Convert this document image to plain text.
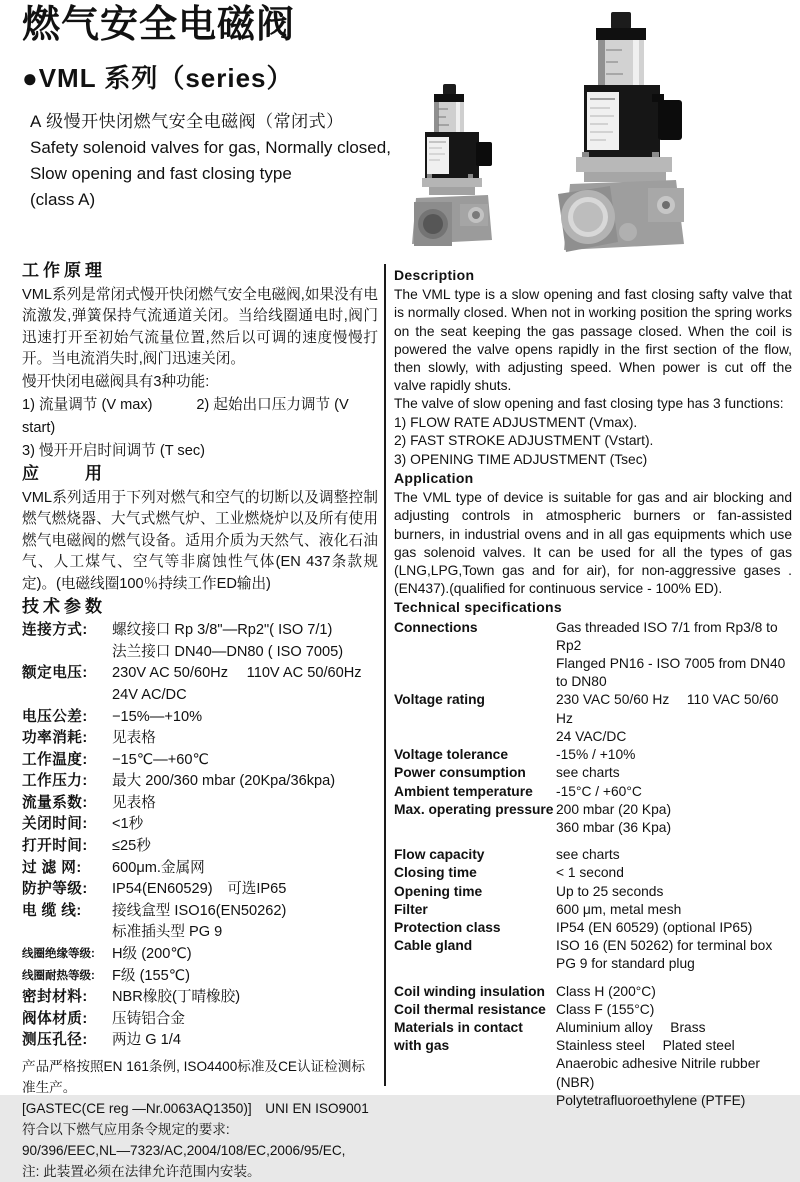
燃气安全电磁阀
●VML 系列（series）
A 级慢开快闭燃气安全电磁阀（常闭式）
Safety solenoid valves for gas, Normally closed,
Slow opening and fast closing type
(class A)
工作原理

VML系列是常闭式慢开快闭燃气安全电磁阀,如果没有电流激发,弹簧保持气流通道关闭。当给线圈通电时,阀门迅速打开至初始气流量位置,然后以可调的速度慢慢打开。当电流消失时,阀门迅速关闭。

慢开快闭电磁阀具有3种功能:
1) 流量调节 (V max)　　　2) 起始出口压力调节 (V start)
3) 慢开开启时间调节 (T sec)
应　　用

VML系列适用于下列对燃气和空气的切断以及调整控制 燃气燃烧器、大气式燃气炉、工业燃烧炉以及所有使用燃气电磁阀的燃气设备。适用介质为天然气、液化石油气、人工煤气、空气等非腐蚀性气体(EN 437条款规定)。(电磁线圈100％持续工作ED输出)

技术参数
连接方式:	螺纹接口 Rp 3/8"—Rp2"( ISO 7/1)
法兰接口 DN40—DN80 ( ISO 7005)
额定电压:	230V AC 50/60Hz　 110V AC 50/60Hz
24V AC/DC
电压公差:	−15%—+10%
功率消耗:	见表格
工作温度:	−15℃—+60℃
工作压力:	最大 200/360 mbar (20Kpa/36kpa)
流量系数:	见表格
关闭时间:	<1秒
打开时间:	≤25秒
过 滤 网:	600μm.金属网
防护等级:	IP54(EN60529)　可选IP65
电 缆 线:	接线盒型 ISO16(EN50262)
标准插头型 PG 9
线圈绝缘等级:	H级 (200℃)
线圈耐热等级:	F级 (155℃)
密封材料:	NBR橡胶(丁晴橡胶)
阀体材质:	压铸铝合金
测压孔径:	两边 G 1/4
产品严格按照EN 161条例, ISO4400标准及CE认证检测标准生产。
[GASTEC(CE reg —Nr.0063AQ1350)]　UNI EN ISO9001
符合以下燃气应用条令规定的要求:
90/396/EEC,NL—7323/AC,2004/108/EC,2006/95/EC,
注: 此装置必须在法律允许范围内安装。
Description

The VML type is a slow opening and fast closing safty valve that is normally closed. When not in working position the spring works on the seat keeping the gas passage closed. When the coil is powered the valve opens rapidly in the first section of the flow, then slowly, with adjusting speed. When power is cut off the valve rapidly shuts.

The valve of slow opening and fast closing type has 3 functions:
1) FLOW RATE ADJUSTMENT (Vmax).
2) FAST STROKE ADJUSTMENT (Vstart).
3) OPENING TIME ADJUSTMENT (Tsec)
Application

The VML type of device is suitable for gas and air blocking and adjusting controls in atmospheric burners or fan-assisted burners, in industrial ovens and in all gas equipments which use gas solenoid valves. It can be used for all the types of gas (LNG,LPG,Town gas and for air), for non-aggressive gases . (EN437).(qualified for continuous service - 100% ED).

Technical specifications
Connections	Gas threaded ISO 7/1 from Rp3/8 to Rp2
Flanged PN16 - ISO 7005 from DN40 to DN80
Voltage rating	230 VAC 50/60 Hz　 110 VAC 50/60 Hz
24 VAC/DC
Voltage tolerance	-15% / +10%
Power consumption	see charts
Ambient temperature	-15°C / +60°C
Max. operating pressure 200 mbar (20 Kpa)
360 mbar (36 Kpa)
Flow capacity	see charts
Closing time	< 1 second
Opening time	Up to 25 seconds
Filter	600 μm, metal mesh
Protection class	IP54 (EN 60529) (optional IP65)
Cable gland	ISO 16 (EN 50262) for terminal box
PG 9 for standard plug
Coil winding insulation Class H (200°C)
Coil thermal resistance Class F (155°C)
Materials in contact
with gas
Aluminium alloy　 Brass
Stainless steel　 Plated steel
Anaerobic adhesive Nitrile rubber (NBR)
Polytetrafluoroethylene (PTFE)
